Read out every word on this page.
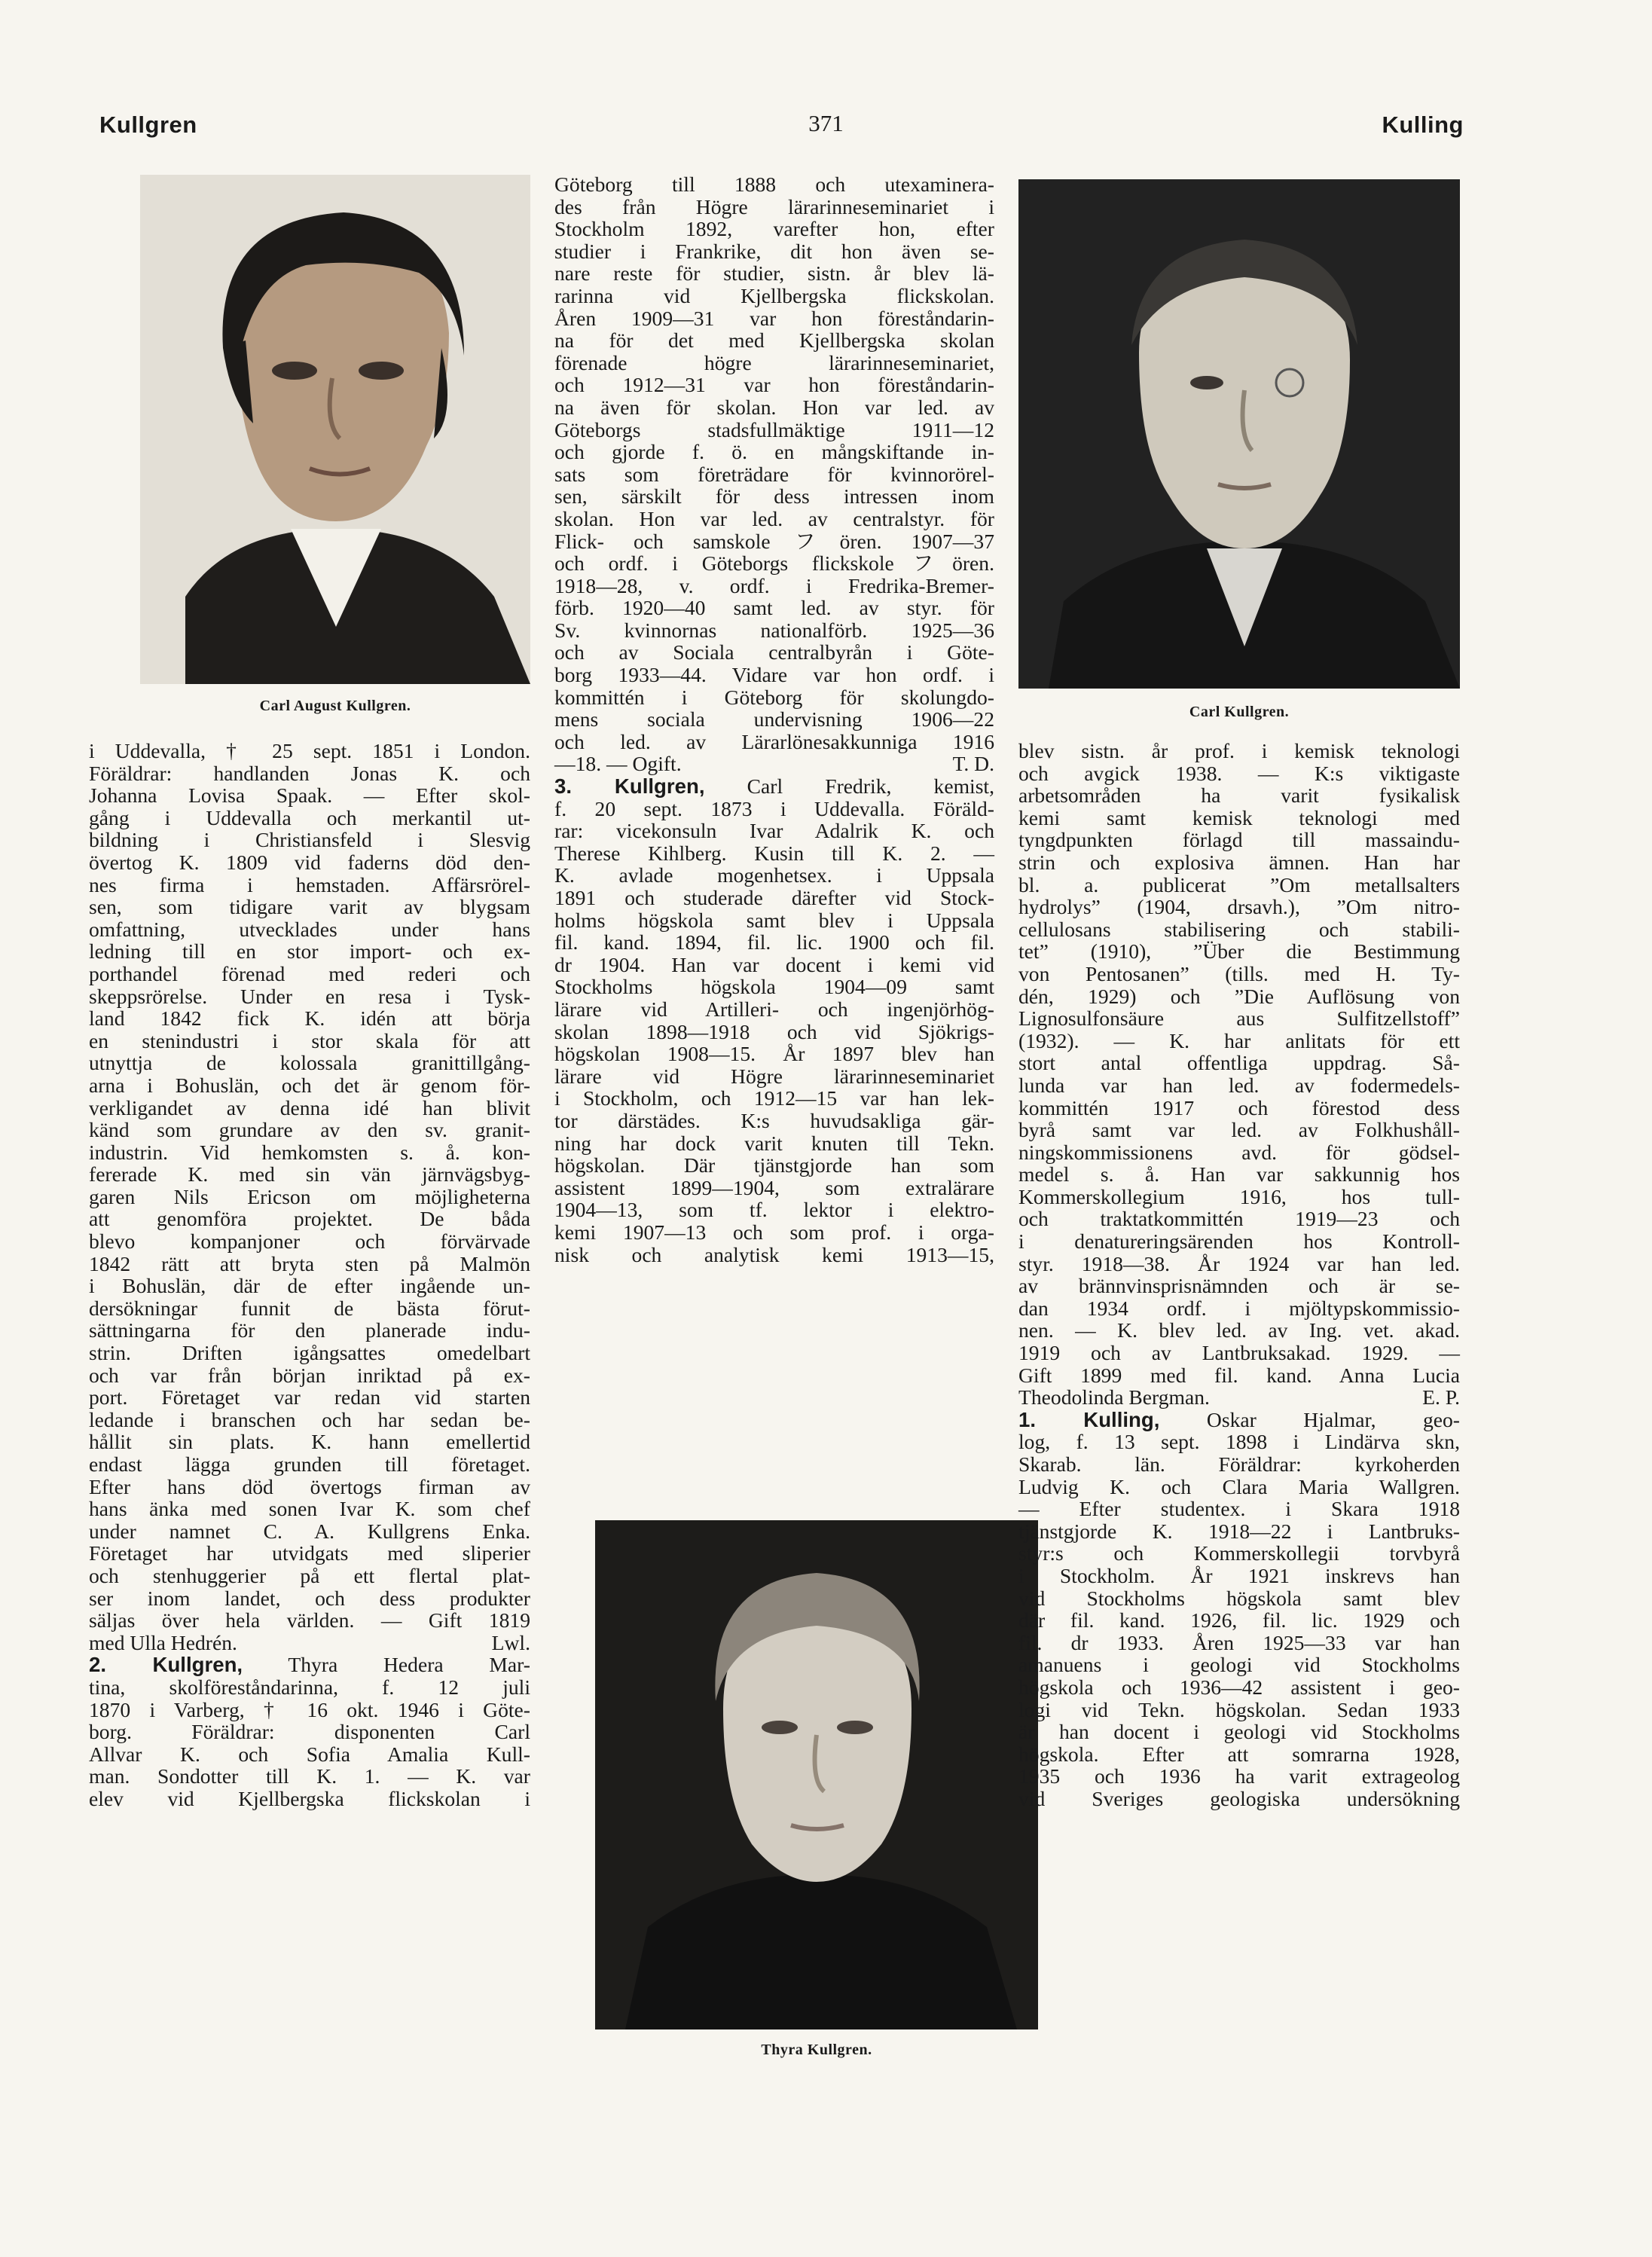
Kullgren	371	Kulling
Carl August Kullgren.	Carl Kullgren.
Thyra Kullgren.
i Uddevalla, † 25 sept. 1851 i London.
Föräldrar: handlanden Jonas K. och
Johanna Lovisa Spaak. — Efter skol-
gång i Uddevalla och merkantil ut-
bildning i Christiansfeld i Slesvig
övertog K. 1809 vid faderns död den-
nes firma i hemstaden. Affärsrörel-
sen, som tidigare varit av blygsam
omfattning, utvecklades under hans
ledning till en stor import- och ex-
porthandel förenad med rederi och
skeppsrörelse. Under en resa i Tysk-
land 1842 fick K. idén att börja
en stenindustri i stor skala för att
utnyttja de kolossala granittillgång-
arna i Bohuslän, och det är genom för-
verkligandet av denna idé han blivit
känd som grundare av den sv. granit-
industrin. Vid hemkomsten s. å. kon-
fererade K. med sin vän järnvägsbyg-
garen Nils Ericson om möjligheterna
att genomföra projektet. De båda
blevo kompanjoner och förvärvade
1842 rätt att bryta sten på Malmön
i Bohuslän, där de efter ingående un-
dersökningar funnit de bästa förut-
sättningarna för den planerade indu-
strin. Driften igångsattes omedelbart
och var från början inriktad på ex-
port. Företaget var redan vid starten
ledande i branschen och har sedan be-
hållit sin plats. K. hann emellertid
endast lägga grunden till företaget.
Efter hans död övertogs firman av
hans änka med sonen Ivar K. som chef
under namnet C. A. Kullgrens Enka.
Företaget har utvidgats med sliperier
och stenhuggerier på ett flertal plat-
ser inom landet, och dess produkter
säljas över hela världen. — Gift 1819
med Ulla Hedrén.	Lwl.
2. Kullgren, Thyra Hedera Mar-
tina, skolföreståndarinna, f. 12 juli
1870 i Varberg, † 16 okt. 1946 i Göte-
borg. Föräldrar: disponenten Carl
Allvar K. och Sofia Amalia Kull-
man. Sondotter till K. 1. — K. var
elev vid Kjellbergska flickskolan i
Göteborg till 1888 och utexaminera-
des från Högre lärarinneseminariet i
Stockholm 1892, varefter hon, efter
studier i Frankrike, dit hon även se-
nare reste för studier, sistn. år blev lä-
rarinna vid Kjellbergska flickskolan.
Åren 1909—31 var hon föreståndarin-
na för det med Kjellbergska skolan
förenade högre lärarinneseminariet,
och 1912—31 var hon föreståndarin-
na även för skolan. Hon var led. av
Göteborgs stadsfullmäktige 1911—12
och gjorde f. ö. en mångskiftande in-
sats som företrädare för kvinnorörel-
sen, särskilt för dess intressen inom
skolan. Hon var led. av centralstyr. för
Flick- och samskoleフören. 1907—37
och ordf. i Göteborgs flickskoleフören.
1918—28, v. ordf. i Fredrika-Bremer-
förb. 1920—40 samt led. av styr. för
Sv. kvinnornas nationalförb. 1925—36
och av Sociala centralbyrån i Göte-
borg 1933—44. Vidare var hon ordf. i
kommittén i Göteborg för skolungdo-
mens sociala undervisning 1906—22
och led. av Lärarlönesakkunniga 1916
—18. — Ogift.	T. D.
3. Kullgren, Carl Fredrik, kemist,
f. 20 sept. 1873 i Uddevalla. Föräld-
rar: vicekonsuln Ivar Adalrik K. och
Therese Kihlberg. Kusin till K. 2. —
K. avlade mogenhetsex. i Uppsala
1891 och studerade därefter vid Stock-
holms högskola samt blev i Uppsala
fil. kand. 1894, fil. lic. 1900 och fil.
dr 1904. Han var docent i kemi vid
Stockholms högskola 1904—09 samt
lärare vid Artilleri- och ingenjörhög-
skolan 1898—1918 och vid Sjökrigs-
högskolan 1908—15. År 1897 blev han
lärare vid Högre lärarinneseminariet
i Stockholm, och 1912—15 var han lek-
tor därstädes. K:s huvudsakliga gär-
ning har dock varit knuten till Tekn.
högskolan. Där tjänstgjorde han som
assistent 1899—1904, som extralärare
1904—13, som tf. lektor i elektro-
kemi 1907—13 och som prof. i orga-
nisk och analytisk kemi 1913—15,
blev sistn. år prof. i kemisk teknologi
och avgick 1938. — K:s viktigaste
arbetsområden ha varit fysikalisk
kemi samt kemisk teknologi med
tyngdpunkten förlagd till massaindu-
strin och explosiva ämnen. Han har
bl. a. publicerat ”Om metallsalters
hydrolys” (1904, drsavh.), ”Om nitro-
cellulosans stabilisering och stabili-
tet” (1910), ”Über die Bestimmung
von Pentosanen” (tills. med H. Ty-
dén, 1929) och ”Die Auflösung von
Lignosulfonsäure aus Sulfitzellstoff”
(1932). — K. har anlitats för ett
stort antal offentliga uppdrag. Så-
lunda var han led. av fodermedels-
kommittén 1917 och förestod dess
byrå samt var led. av Folkhushåll-
ningskommissionens avd. för gödsel-
medel s. å. Han var sakkunnig hos
Kommerskollegium 1916, hos tull-
och traktatkommittén 1919—23 och
i denatureringsärenden hos Kontroll-
styr. 1918—38. År 1924 var han led.
av brännvinsprisnämnden och är se-
dan 1934 ordf. i mjöltypskommissio-
nen. — K. blev led. av Ing. vet. akad.
1919 och av Lantbruksakad. 1929. —
Gift 1899 med fil. kand. Anna Lucia
Theodolinda Bergman.	E. P.
1. Kulling, Oskar Hjalmar, geo-
log, f. 13 sept. 1898 i Lindärva skn,
Skarab. län. Föräldrar: kyrkoherden
Ludvig K. och Clara Maria Wallgren.
— Efter studentex. i Skara 1918
tjänstgjorde K. 1918—22 i Lantbruks-
styr:s och Kommerskollegii torvbyrå
i Stockholm. År 1921 inskrevs han
vid Stockholms högskola samt blev
där fil. kand. 1926, fil. lic. 1929 och
fil. dr 1933. Åren 1925—33 var han
amanuens i geologi vid Stockholms
högskola och 1936—42 assistent i geo-
logi vid Tekn. högskolan. Sedan 1933
är han docent i geologi vid Stockholms
högskola. Efter att somrarna 1928,
1935 och 1936 ha varit extrageolog
vid Sveriges geologiska undersökning
